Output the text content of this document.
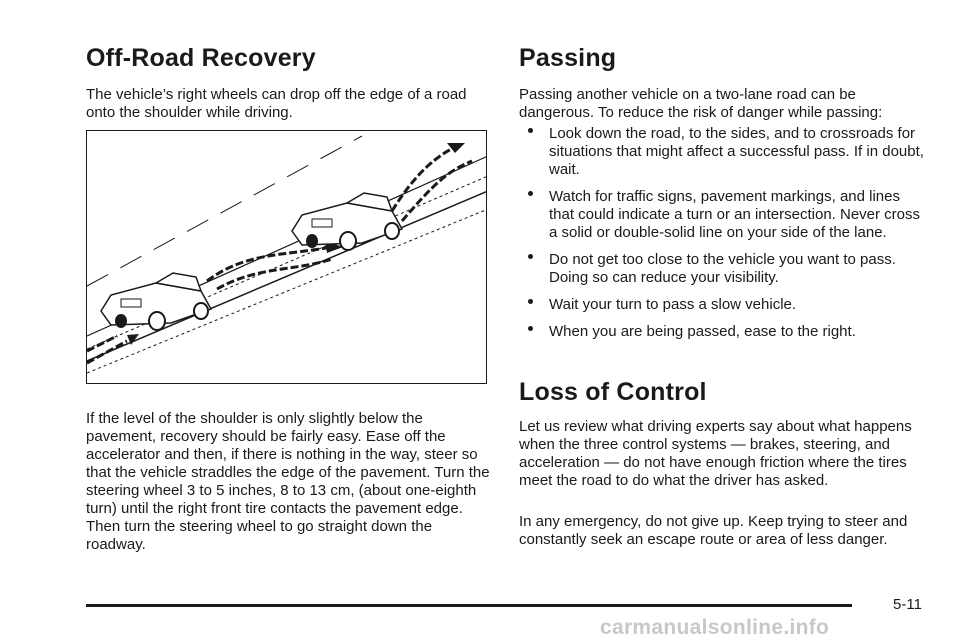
Off-Road Recovery

The vehicle’s right wheels can drop off the edge of a road onto the shoulder while driving.

If the level of the shoulder is only slightly below the pavement, recovery should be fairly easy. Ease off the accelerator and then, if there is nothing in the way, steer so that the vehicle straddles the edge of the pavement. Turn the steering wheel 3 to 5 inches, 8 to 13 cm, (about one-eighth turn) until the right front tire contacts the pavement edge. Then turn the steering wheel to go straight down the roadway.

Passing

Passing another vehicle on a two-lane road can be dangerous. To reduce the risk of danger while passing:

Look down the road, to the sides, and to crossroads for situations that might affect a successful pass. If in doubt, wait.
Watch for traffic signs, pavement markings, and lines that could indicate a turn or an intersection. Never cross a solid or double-solid line on your side of the lane.
Do not get too close to the vehicle you want to pass. Doing so can reduce your visibility.
Wait your turn to pass a slow vehicle.
When you are being passed, ease to the right.
Loss of Control

Let us review what driving experts say about what happens when the three control systems — brakes, steering, and acceleration — do not have enough friction where the tires meet the road to do what the driver has asked.

In any emergency, do not give up. Keep trying to steer and constantly seek an escape route or area of less danger.

5-11
carmanualsonline.info
